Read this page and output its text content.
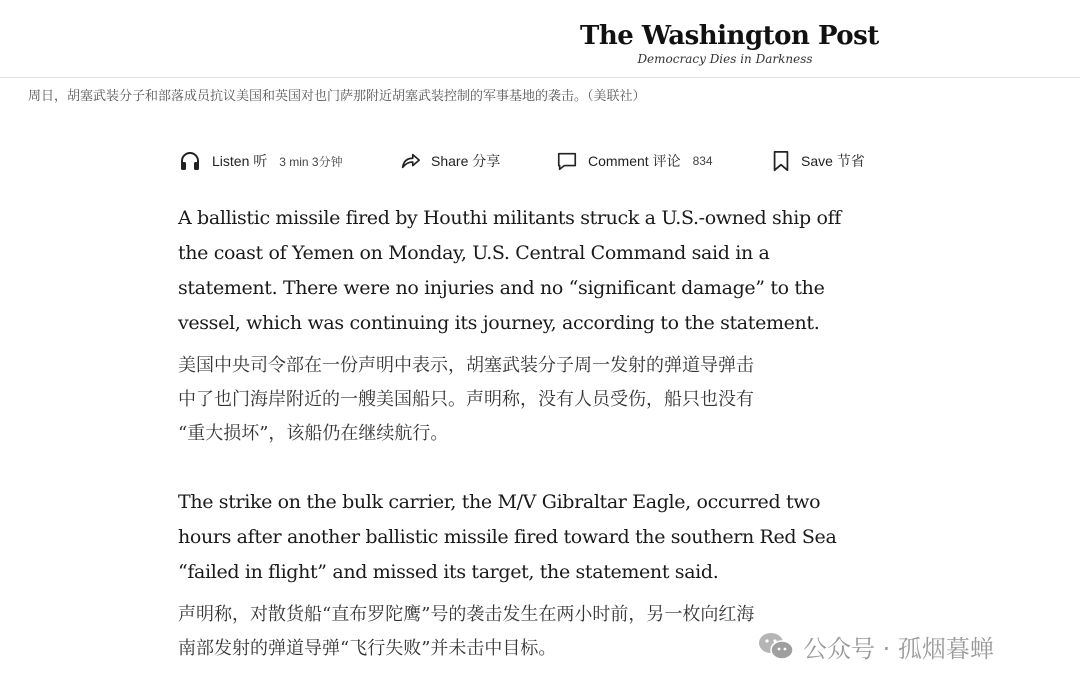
The Washington Post
Democracy Dies in Darkness
周日，胡塞武装分子和部落成员抗议美国和英国对也门萨那附近胡塞武装控制的军事基地的袭击。（美联社）
Listen 听 3 min 3分钟	Share 分享	Comment 评论 834	Save 节省

A ballistic missile fired by Houthi militants struck a U.S.-owned ship off
the coast of Yemen on Monday, U.S. Central Command said in a
statement. There were no injuries and no “significant damage” to the
vessel, which was continuing its journey, according to the statement.

美国中央司令部在一份声明中表示，胡塞武装分子周一发射的弹道导弹击
中了也门海岸附近的一艘美国船只。声明称，没有人员受伤，船只也没有
“重大损坏”，该船仍在继续航行。

The strike on the bulk carrier, the M/V Gibraltar Eagle, occurred two
hours after another ballistic missile fired toward the southern Red Sea
“failed in flight” and missed its target, the statement said.

声明称，对散货船“直布罗陀鹰”号的袭击发生在两小时前，另一枚向红海
南部发射的弹道导弹“飞行失败”并未击中目标。	公众号 · 孤烟暮蝉
